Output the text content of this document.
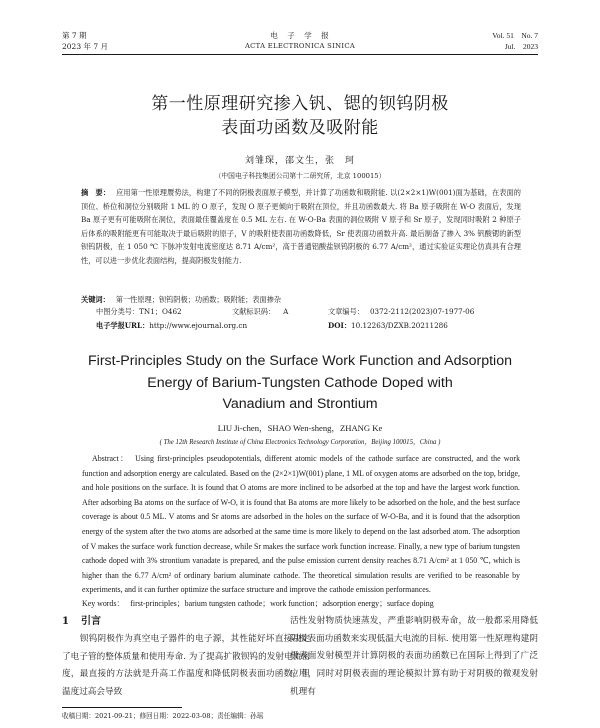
第 7 期
2023 年 7 月
电　子　学　报
ACTA ELECTRONICA SINICA
Vol. 51　No. 7
Jul.　2023
第一性原理研究掺入钒、锶的钡钨阴极
表面功函数及吸附能
刘雏琛，邵文生，张　珂
（中国电子科技集团公司第十二研究所，北京 100015）
摘　要： 应用第一性原理赝势法，构建了不同的阴极表面原子模型，并计算了功函数和吸附能. 以(2×2×1)W(001)面为基础，在表面的顶位、桥位和洞位分别吸附 1 ML 的 O 原子，发现 O 原子更倾向于吸附在顶位，并且功函数最大. 将 Ba 原子吸附在 W-O 表面后，发现 Ba 原子更有可能吸附在洞位，表面最佳覆盖度在 0.5 ML 左右. 在 W-O-Ba 表面的洞位吸附 V 原子和 Sr 原子，发现同时吸附 2 种原子后体系的吸附能更有可能取决于最后吸附的原子，V 的吸附使表面功函数降低，Sr 使表面功函数升高. 最后制备了掺入 3% 钒酸锶的新型钡钨阴极，在 1 050 ℃ 下脉冲发射电流密度达 8.71 A/cm²，高于普通铝酸盐钡钨阴极的 6.77 A/cm²，通过实验证实理论仿真具有合理性，可以进一步优化表面结构，提高阴极发射能力.
关键词： 第一性原理；钡钨阴极；功函数；吸附能；表面掺杂
中图分类号：TN1；O462	文献标识码： A	文章编号： 0372-2112(2023)07-1977-06
电子学报URL：http://www.ejournal.org.cn	DOI：10.12263/DZXB.20211286
First-Principles Study on the Surface Work Function and Adsorption
Energy of Barium-Tungsten Cathode Doped with
Vanadium and Strontium
LIU Ji-chen，SHAO Wen-sheng，ZHANG Ke
( The 12th Research Institute of China Electronics Technology Corporation，Beijing 100015，China )
Abstract： Using first-principles pseudopotentials, different atomic models of the cathode surface are constructed, and the work function and adsorption energy are calculated. Based on the (2×2×1)W(001) plane, 1 ML of oxygen atoms are adsorbed on the top, bridge, and hole positions on the surface. It is found that O atoms are more inclined to be adsorbed at the top and have the largest work function. After adsorbing Ba atoms on the surface of W-O, it is found that Ba atoms are more likely to be adsorbed on the hole, and the best surface coverage is about 0.5 ML. V atoms and Sr atoms are adsorbed in the holes on the surface of W-O-Ba, and it is found that the adsorption energy of the system after the two atoms are adsorbed at the same time is more likely to depend on the last adsorbed atom. The adsorption of V makes the surface work function decrease, while Sr makes the surface work function increase. Finally, a new type of barium tungsten cathode doped with 3% strontium vanadate is prepared, and the pulse emission current density reaches 8.71 A/cm² at 1 050 ℃, which is higher than the 6.77 A/cm² of ordinary barium aluminate cathode. The theoretical simulation results are verified to be reasonable by experiments, and it can further optimize the surface structure and improve the cathode emission performances.
Key words： first-principles；barium tungsten cathode；work function；adsorption energy；surface doping
1 引言
　　钡钨阴极作为真空电子器件的电子源，其性能好坏直接决定了电子管的整体质量和使用寿命. 为了提高扩散钡钨的发射电流密度，最直接的方法就是升高工作温度和降低阴极表面功函数，但温度过高会导致
活性发射物质快速蒸发，严重影响阴极寿命，故一般都采用降低阴极表面功函数来实现低温大电流的目标. 使用第一性原理构建阴极表面发射模型并计算阴极的表面功函数已在国际上得到了广泛应用，同时对阴极表面的理论模拟计算有助于对阴极的微观发射机理有
收稿日期：2021-09-21；修回日期：2022-03-08；责任编辑：孙瑶
